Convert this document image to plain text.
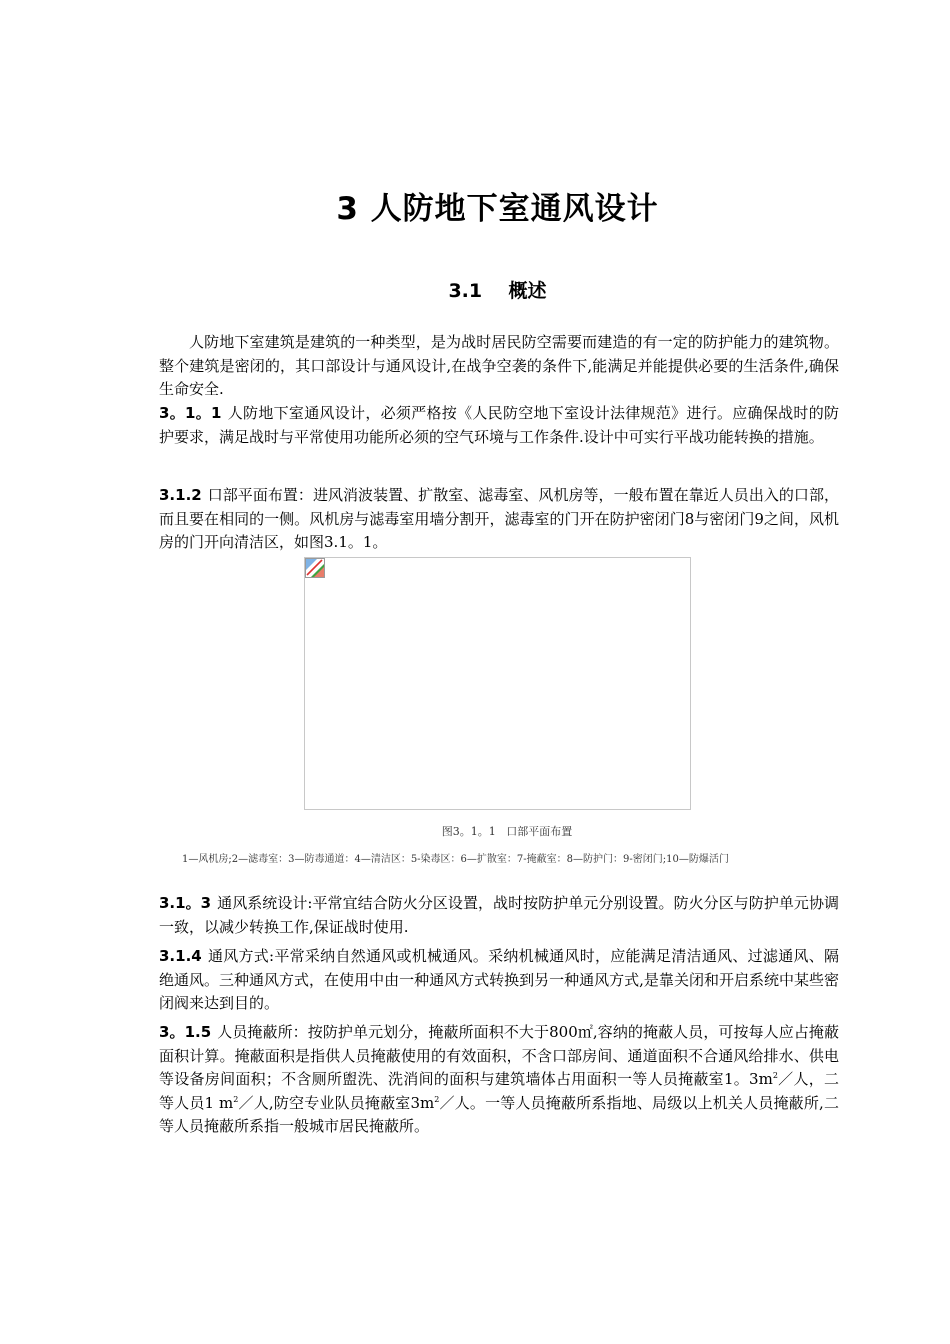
3 人防地下室通风设计
3.1    概述

人防地下室建筑是建筑的一种类型，是为战时居民防空需要而建造的有一定的防护能力的建筑物。整个建筑是密闭的，其口部设计与通风设计,在战争空袭的条件下,能满足并能提供必要的生活条件,确保生命安全.

3。1。1 人防地下室通风设计，必须严格按《人民防空地下室设计法律规范》进行。应确保战时的防护要求，满足战时与平常使用功能所必须的空气环境与工作条件.设计中可实行平战功能转换的措施。

3.1.2 口部平面布置：进风消波装置、扩散室、滤毒室、风机房等，一般布置在靠近人员出入的口部，而且要在相同的一侧。风机房与滤毒室用墙分割开，滤毒室的门开在防护密闭门8与密闭门9之间，风机房的门开向清洁区，如图3.1。1。

图3。1。1   口部平面布置

1—风机房;2—滤毒室：3—防毒通道：4—清洁区：5-染毒区：6—扩散室：7-掩蔽室：8—防护门：9-密闭门;10—防爆活门

3.1。3 通风系统设计:平常宜结合防火分区设置，战时按防护单元分别设置。防火分区与防护单元协调一致，以减少转换工作,保证战时使用.

3.1.4 通风方式:平常采纳自然通风或机械通风。采纳机械通风时，应能满足清洁通风、过滤通风、隔绝通风。三种通风方式，在使用中由一种通风方式转换到另一种通风方式,是靠关闭和开启系统中某些密闭阀来达到目的。

3。1.5 人员掩蔽所：按防护单元划分，掩蔽所面积不大于800㎡,容纳的掩蔽人员，可按每人应占掩蔽面积计算。掩蔽面积是指供人员掩蔽使用的有效面积，不含口部房间、通道面积不合通风给排水、供电等设备房间面积；不含厕所盥洗、洗消间的面积与建筑墙体占用面积一等人员掩蔽室1。$3m^2/$人，二等人员1 $m^2/$人,防空专业队员掩蔽室$3m^2/$人。一等人员掩蔽所系指地、局级以上机关人员掩蔽所,二等人员掩蔽所系指一般城市居民掩蔽所。
